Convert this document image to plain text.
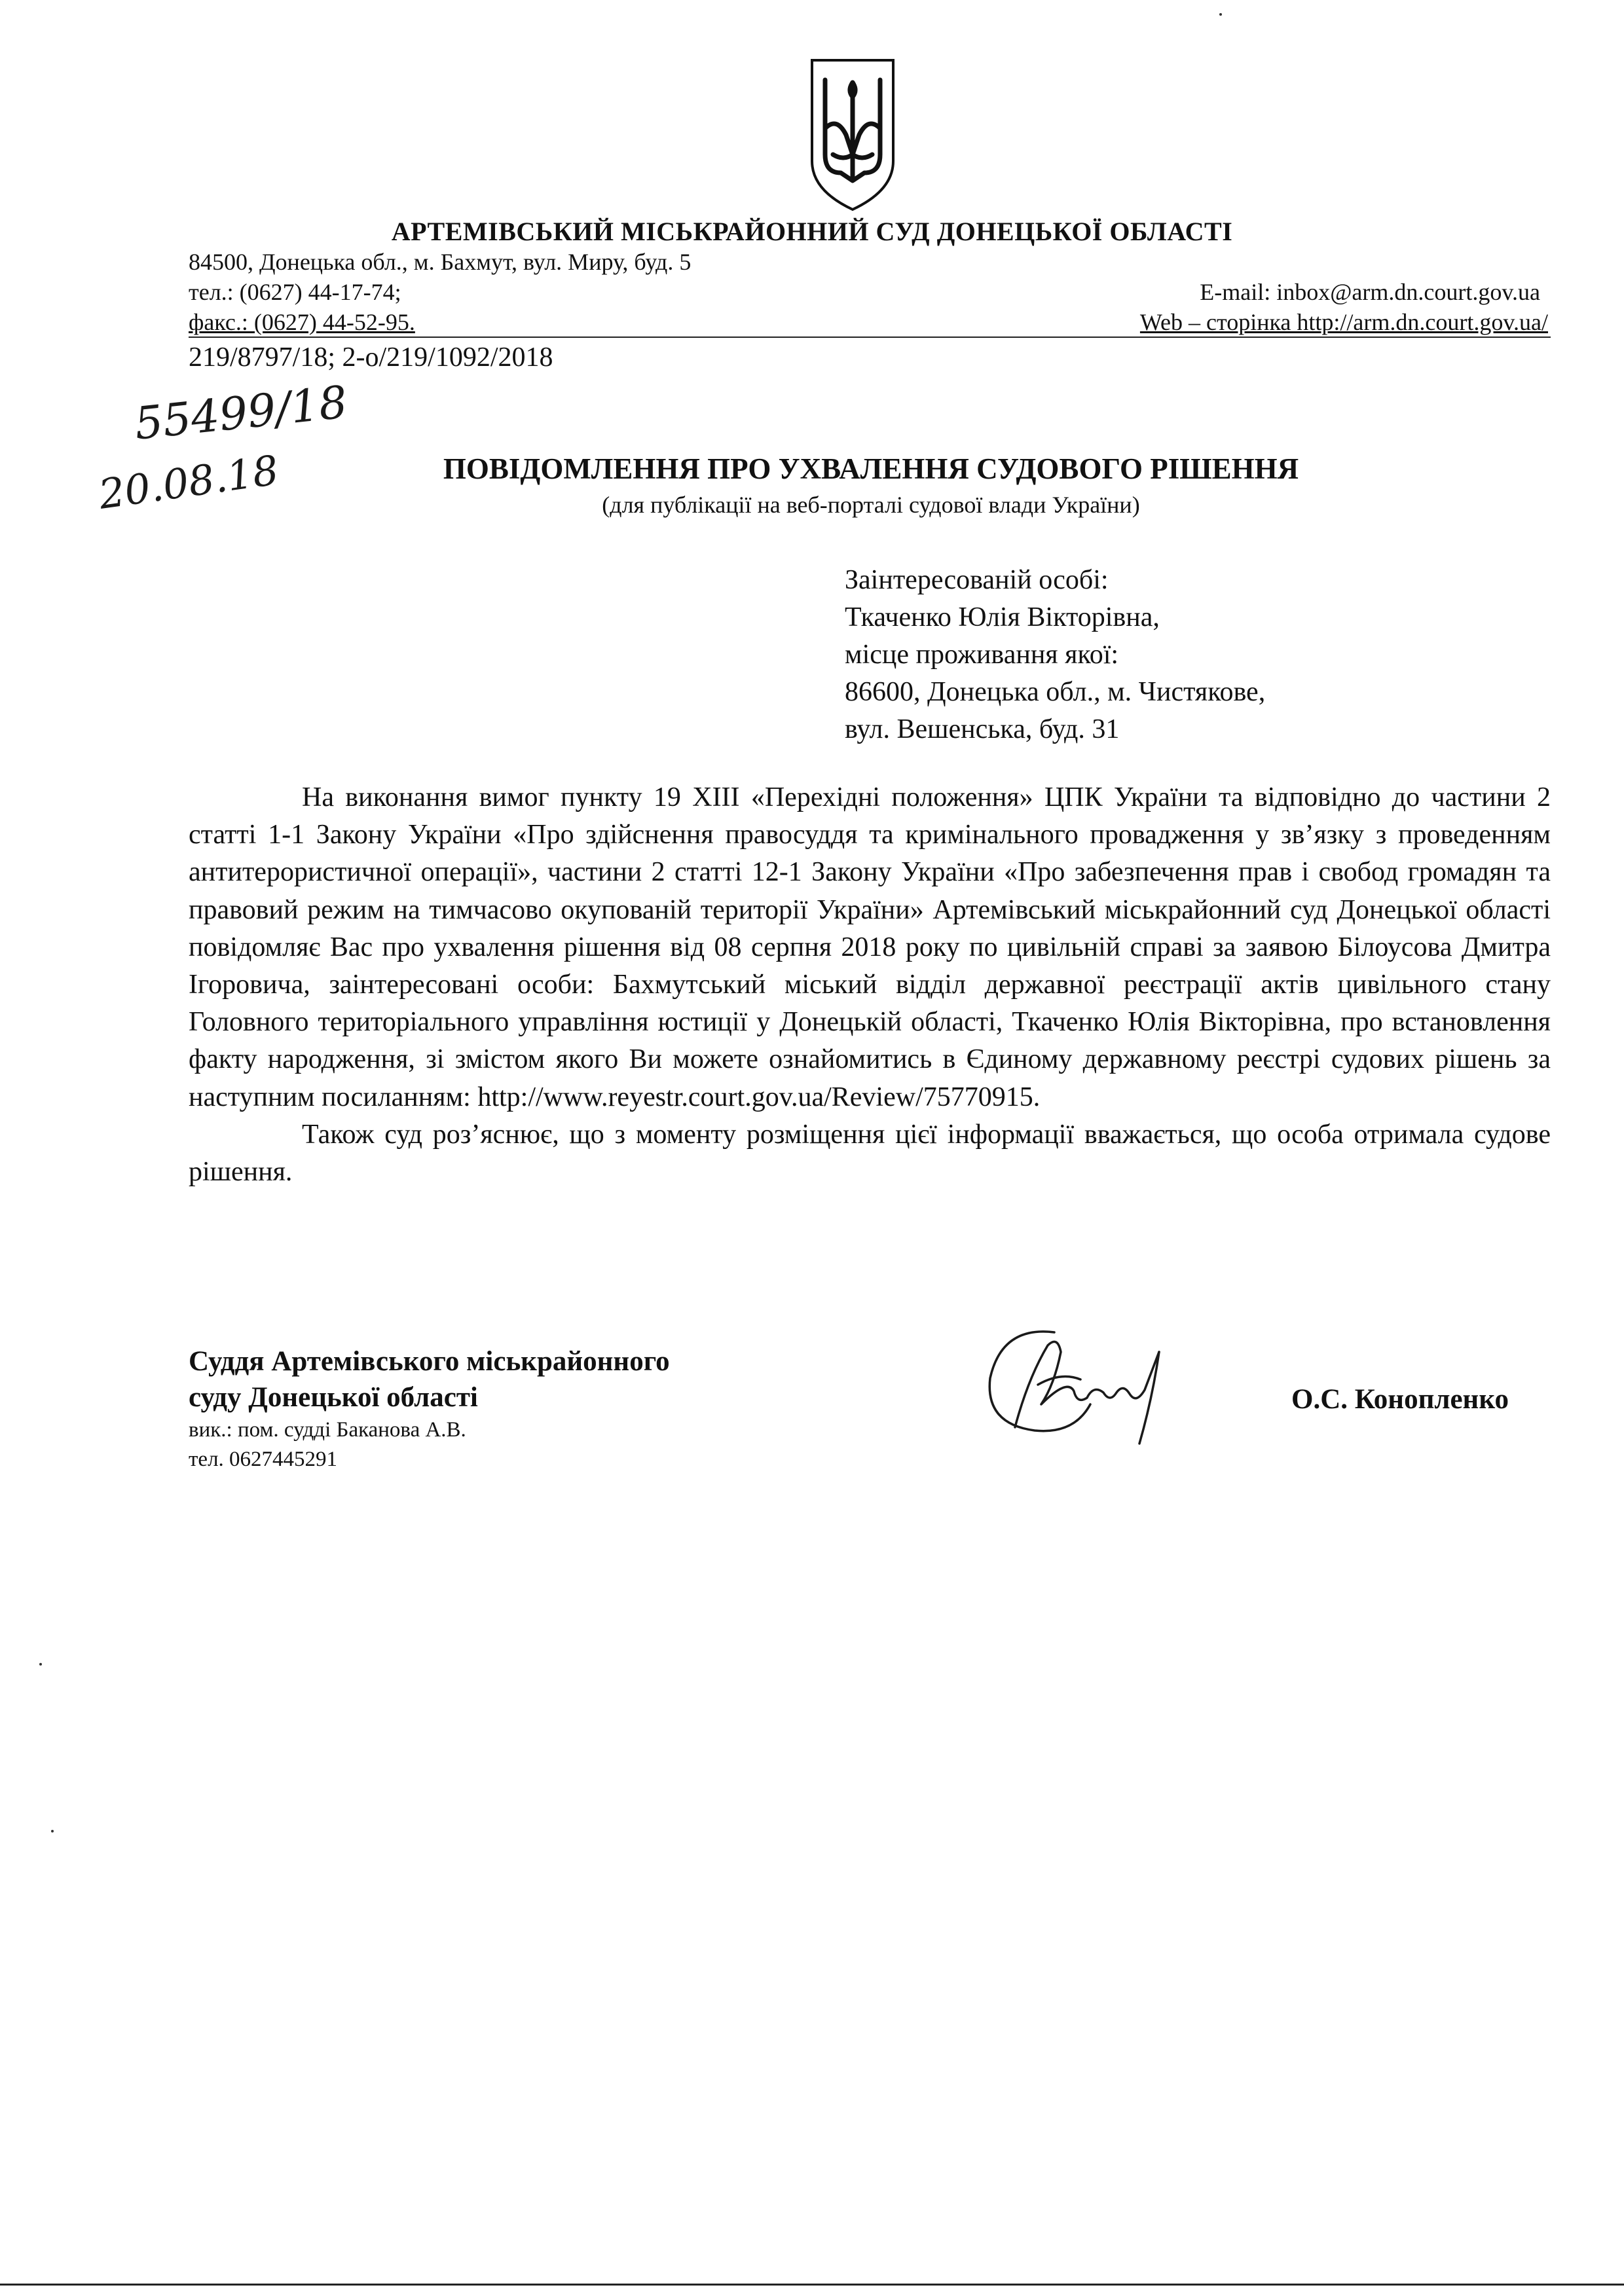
АРТЕМІВСЬКИЙ МІСЬКРАЙОННИЙ СУД ДОНЕЦЬКОЇ ОБЛАСТІ
84500, Донецька обл., м. Бахмут, вул. Миру, буд. 5
тел.: (0627) 44-17-74;
факс.: (0627) 44-52-95.
E-mail: inbox@arm.dn.court.gov.ua
Web – сторінка http://arm.dn.court.gov.ua/
219/8797/18; 2-о/219/1092/2018
55499/18
20.08.18	ПОВІДОМЛЕННЯ ПРО УХВАЛЕННЯ СУДОВОГО РІШЕННЯ
(для публікації на веб-порталі судової влади України)
Заінтересованій особі:
Ткаченко Юлія Вікторівна,
місце проживання якої:
86600, Донецька обл., м. Чистякове,
вул. Вешенська, буд. 31

На виконання вимог пункту 19 XIII «Перехідні положення» ЦПК України та відповідно до частини 2 статті 1-1 Закону України «Про здійснення правосуддя та кримінального провадження у зв’язку з проведенням антитерористичної операції», частини 2 статті 12-1 Закону України «Про забезпечення прав і свобод громадян та правовий режим на тимчасово окупованій території України» Артемівський міськрайонний суд Донецької області повідомляє Вас про ухвалення рішення від 08 серпня 2018 року по цивільній справі за заявою Білоусова Дмитра Ігоровича, заінтересовані особи: Бахмутський міський відділ державної реєстрації актів цивільного стану Головного територіального управління юстиції у Донецькій області, Ткаченко Юлія Вікторівна, про встановлення факту народження, зі змістом якого Ви можете ознайомитись в Єдиному державному реєстрі судових рішень за наступним посиланням: http://www.reyestr.court.gov.ua/Review/75770915.

Також суд роз’яснює, що з моменту розміщення цієї інформації вважається, що особа отримала судове рішення.

Суддя Артемівського міськрайонного
суду Донецької області
вик.: пом. судді Баканова А.В.
тел. 0627445291
О.С. Конопленко
